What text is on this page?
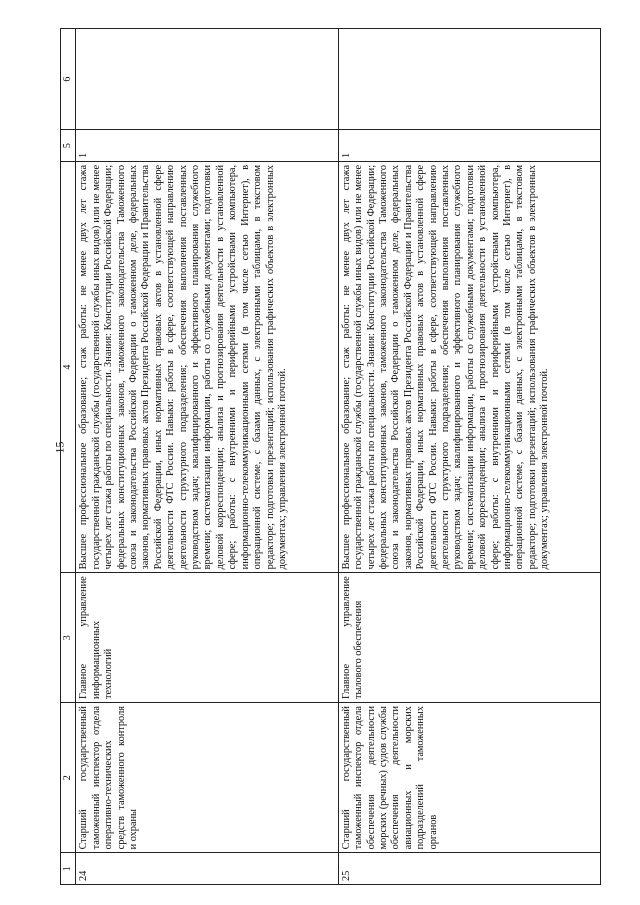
15
1	2	3	4	5	6
24	Старший государственный таможенный инспектор отдела оперативно-технических средств таможенного контроля и охраны	Главное управление информационных технологий	Высшее профессиональное образование; стаж работы: не менее двух лет стажа государственной гражданской службы (государственной службы иных видов) или не менее четырех лет стажа работы по специальности. Знания: Конституции Российской Федерации; федеральных конституционных законов, таможенного законодательства Таможенного союза и законодательства Российской Федерации о таможенном деле, федеральных законов, нормативных правовых актов Президента Российской Федерации и Правительства Российской Федерации, иных нормативных правовых актов в установленной сфере деятельности ФТС России. Навыки: работы в сфере, соответствующей направлению деятельности структурного подразделения; обеспечения выполнения поставленных руководством задач; квалифицированного и эффективного планирования служебного времени; систематизации информации, работы со служебными документами; подготовки деловой корреспонденции; анализа и прогнозирования деятельности в установленной сфере; работы: с внутренними и периферийными устройствами компьютера, информационно-телекоммуникационными сетями (в том числе сетью Интернет), в операционной системе, с базами данных, с электронными таблицами, в текстовом редакторе; подготовки презентаций; использования графических объектов в электронных документах; управления электронной почтой.	1	
25	Старший государственный таможенный инспектор отдела обеспечения деятельности морских (речных) судов службы обеспечения деятельности авиационных и морских подразделений таможенных органов	Главное управление тылового обеспечения	Высшее профессиональное образование; стаж работы: не менее двух лет стажа государственной гражданской службы (государственной службы иных видов) или не менее четырех лет стажа работы по специальности. Знания: Конституции Российской Федерации; федеральных конституционных законов, таможенного законодательства Таможенного союза и законодательства Российской Федерации о таможенном деле, федеральных законов, нормативных правовых актов Президента Российской Федерации и Правительства Российской Федерации, иных нормативных правовых актов в установленной сфере деятельности ФТС России. Навыки: работы в сфере, соответствующей направлению деятельности структурного подразделения; обеспечения выполнения поставленных руководством задач; квалифицированного и эффективного планирования служебного времени; систематизации информации, работы со служебными документами; подготовки деловой корреспонденции; анализа и прогнозирования деятельности в установленной сфере; работы: с внутренними и периферийными устройствами компьютера, информационно-телекоммуникационными сетями (в том числе сетью Интернет), в операционной системе, с базами данных, с электронными таблицами, в текстовом редакторе; подготовки презентаций; использования графических объектов в электронных документах; управления электронной почтой.	1	
